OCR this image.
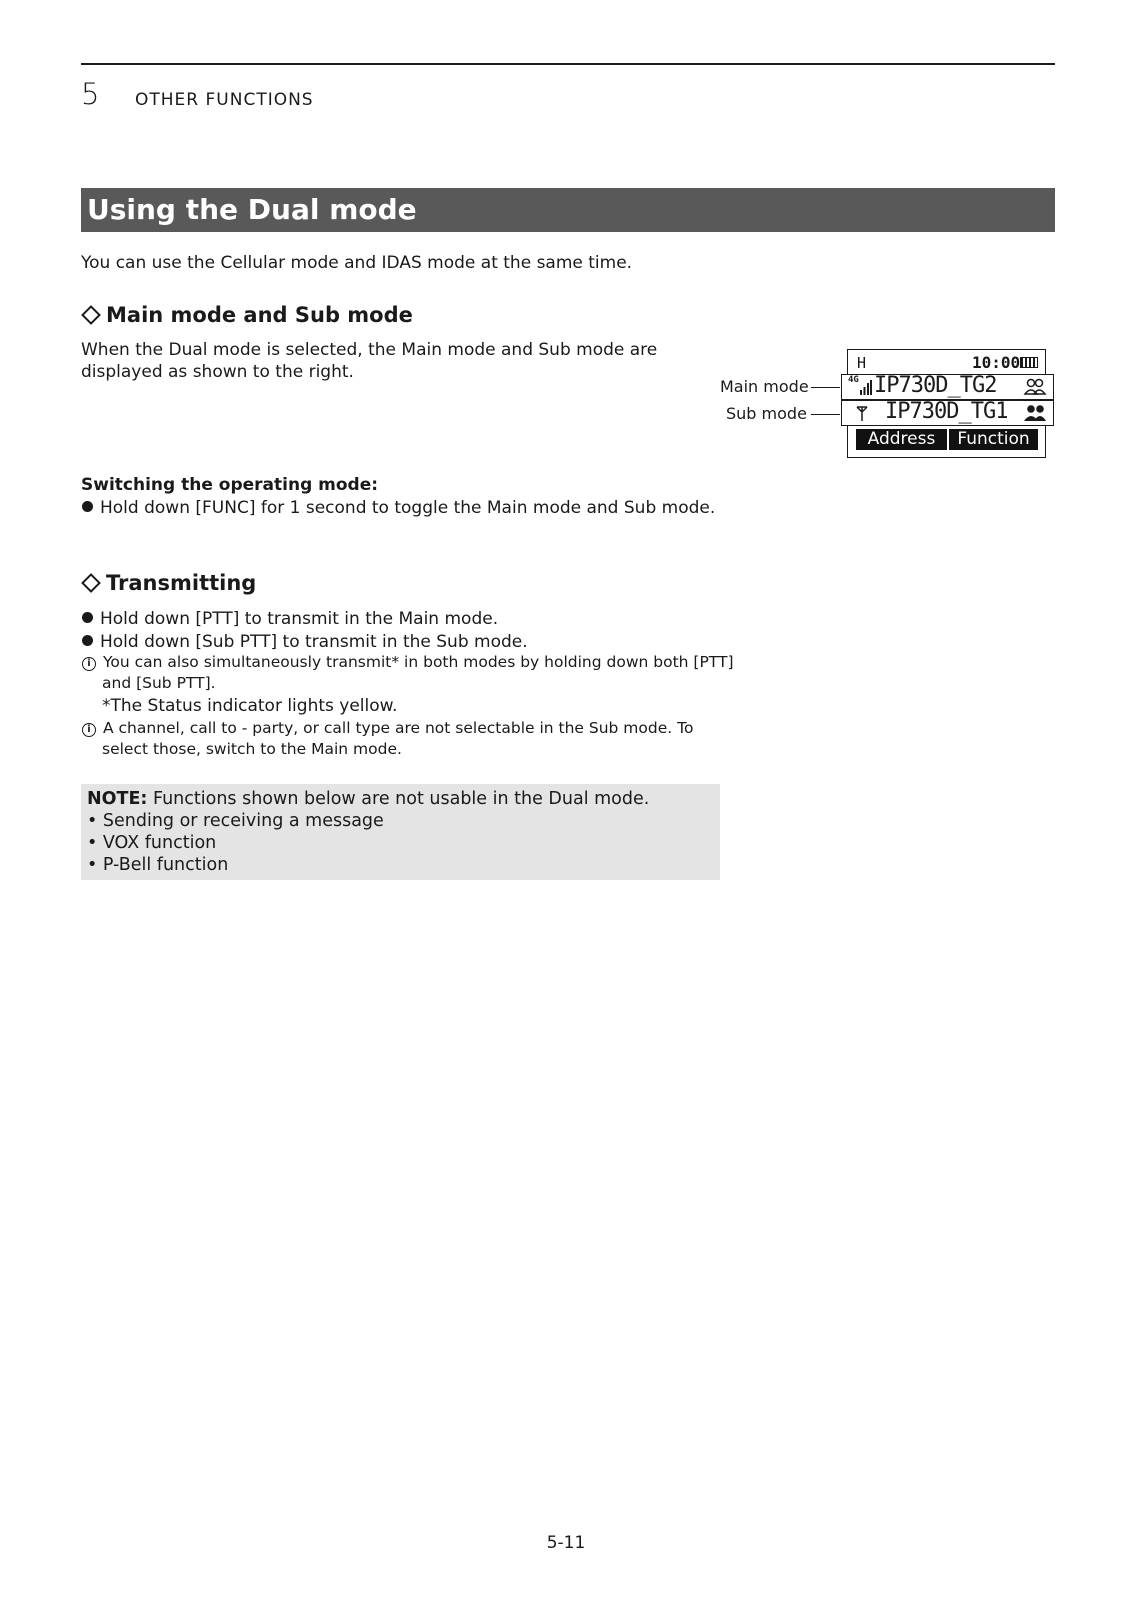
5 OTHER FUNCTIONS
Using the Dual mode
You can use the Cellular mode and IDAS mode at the same time.
Main mode and Sub mode
When the Dual mode is selected, the Main mode and Sub mode are
displayed as shown to the right.
Main mode
Sub mode
H	10:00
4G IP730D_TG2
IP730D_TG1
Address	Function
Switching the operating mode:
Hold down [FUNC] for 1 second to toggle the Main mode and Sub mode.
Transmitting
Hold down [PTT] to transmit in the Main mode.
Hold down [Sub PTT] to transmit in the Sub mode.
i You can also simultaneously transmit* in both modes by holding down both [PTT]
and [Sub PTT].
*The Status indicator lights yellow.
i A channel, call to - party, or call type are not selectable in the Sub mode. To
select those, switch to the Main mode.
NOTE: Functions shown below are not usable in the Dual mode.
• Sending or receiving a message
• VOX function
• P-Bell function
5-11
